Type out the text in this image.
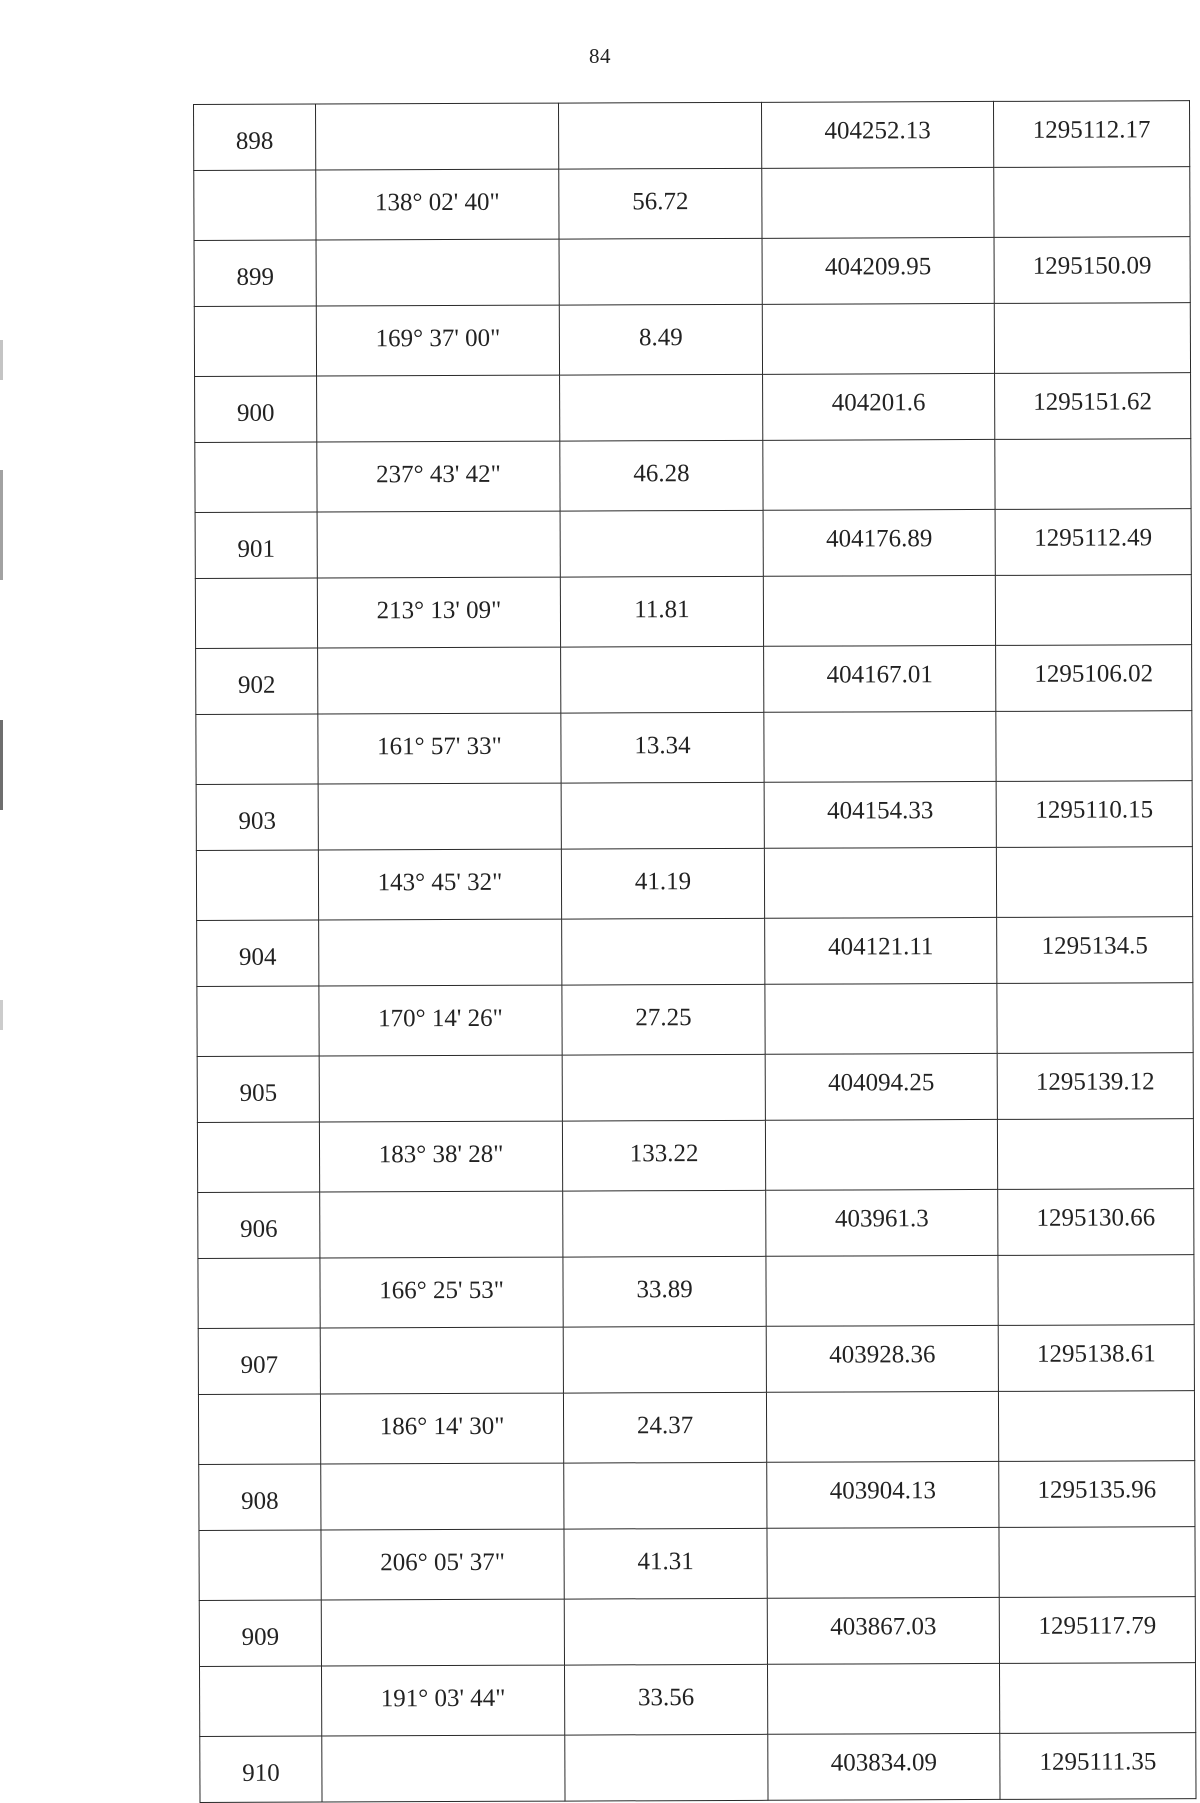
84
898			404252.13	1295112.17
	138° 02' 40"	56.72		
899			404209.95	1295150.09
	169° 37' 00"	8.49		
900			404201.6	1295151.62
	237° 43' 42"	46.28		
901			404176.89	1295112.49
	213° 13' 09"	11.81		
902			404167.01	1295106.02
	161° 57' 33"	13.34		
903			404154.33	1295110.15
	143° 45' 32"	41.19		
904			404121.11	1295134.5
	170° 14' 26"	27.25		
905			404094.25	1295139.12
	183° 38' 28"	133.22		
906			403961.3	1295130.66
	166° 25' 53"	33.89		
907			403928.36	1295138.61
	186° 14' 30"	24.37		
908			403904.13	1295135.96
	206° 05' 37"	41.31		
909			403867.03	1295117.79
	191° 03' 44"	33.56		
910			403834.09	1295111.35
